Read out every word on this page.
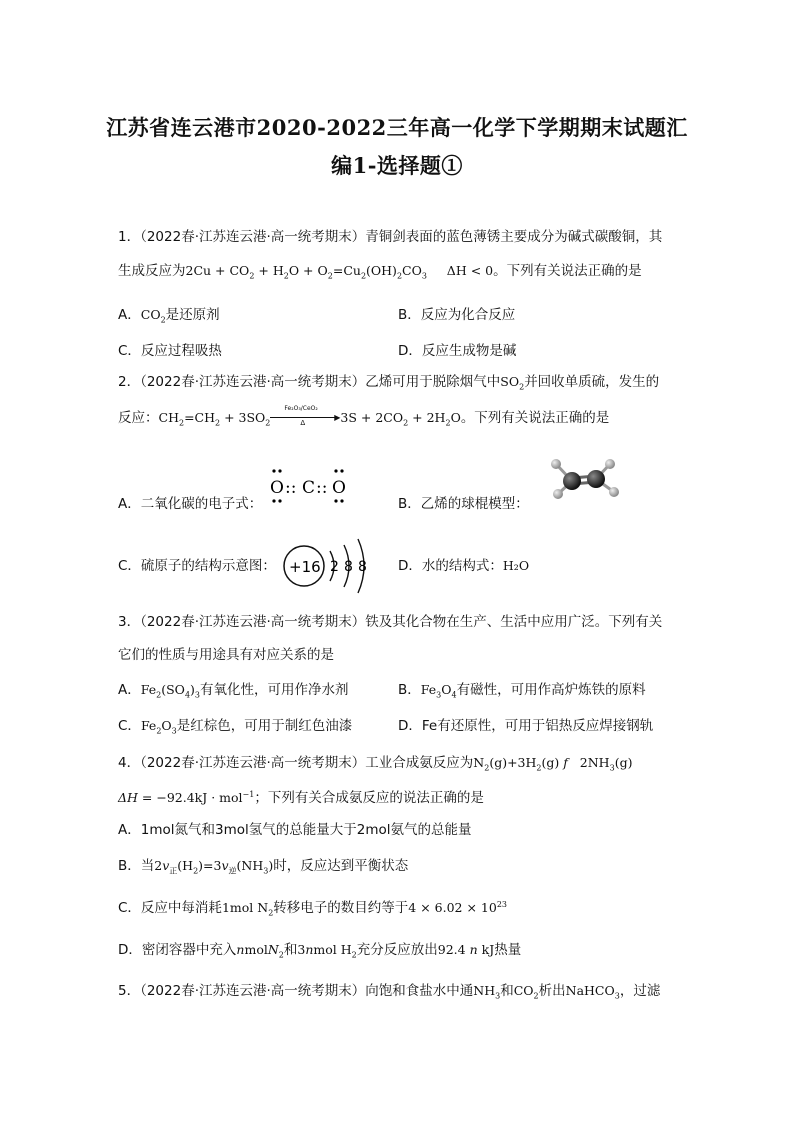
江苏省连云港市2020-2022三年高一化学下学期期末试题汇
编1-选择题①
1．（2022春·江苏连云港·高一统考期末）青铜剑表面的蓝色薄锈主要成分为碱式碳酸铜，其
生成反应为$2Cu + CO_2 + H_2O + O_2=Cu_2(OH)_2CO_3$     ΔH < 0。下列有关说法正确的是
A．$CO_2$是还原剂	B．反应为化合反应
C．反应过程吸热	D．反应生成物是碱
2．（2022春·江苏连云港·高一统考期末）乙烯可用于脱除烟气中$SO_2$并回收单质硫，发生的
反应：$CH_2=CH_2 + 3SO_2$
Fe₂O₃/CeO₂
▶
Δ	$3S + 2CO_2 + 2H_2O$。下列有关说法正确的是
A．二氧化碳的电子式：
O :: C :: O
B．乙烯的球棍模型：
C．硫原子的结构示意图： +16 2 8 8 D．水的结构式：H₂O
3．（2022春·江苏连云港·高一统考期末）铁及其化合物在生产、生活中应用广泛。下列有关
它们的性质与用途具有对应关系的是
A．$Fe_2(SO_4)_3$有氧化性，可用作净水剂	B．$Fe_3O_4$有磁性，可用作高炉炼铁的原料
C．$Fe_2O_3$是红棕色，可用于制红色油漆	D．Fe有还原性，可用于铝热反应焊接钢轨
4．（2022春·江苏连云港·高一统考期末）工业合成氨反应为$N_2(g)+3H_2(g)$ f   $2NH_3(g)$
ΔH = −92.4kJ · mol$^{-1}$；下列有关合成氨反应的说法正确的是
A．1mol氮气和3mol氢气的总能量大于2mol氨气的总能量
B．当$2v_正(H_2)=3v_逆(NH_3)$时，反应达到平衡状态
C．反应中每消耗1mol $N_2$转移电子的数目约等于$4 \times 6.02 \times 10^{23}$
D．密闭容器中充入nmolN$_2$和3nmol $H_2$充分反应放出92.4 n kJ热量
5．（2022春·江苏连云港·高一统考期末）向饱和食盐水中通$NH_3$和$CO_2$析出NaHCO$_3$，过滤
